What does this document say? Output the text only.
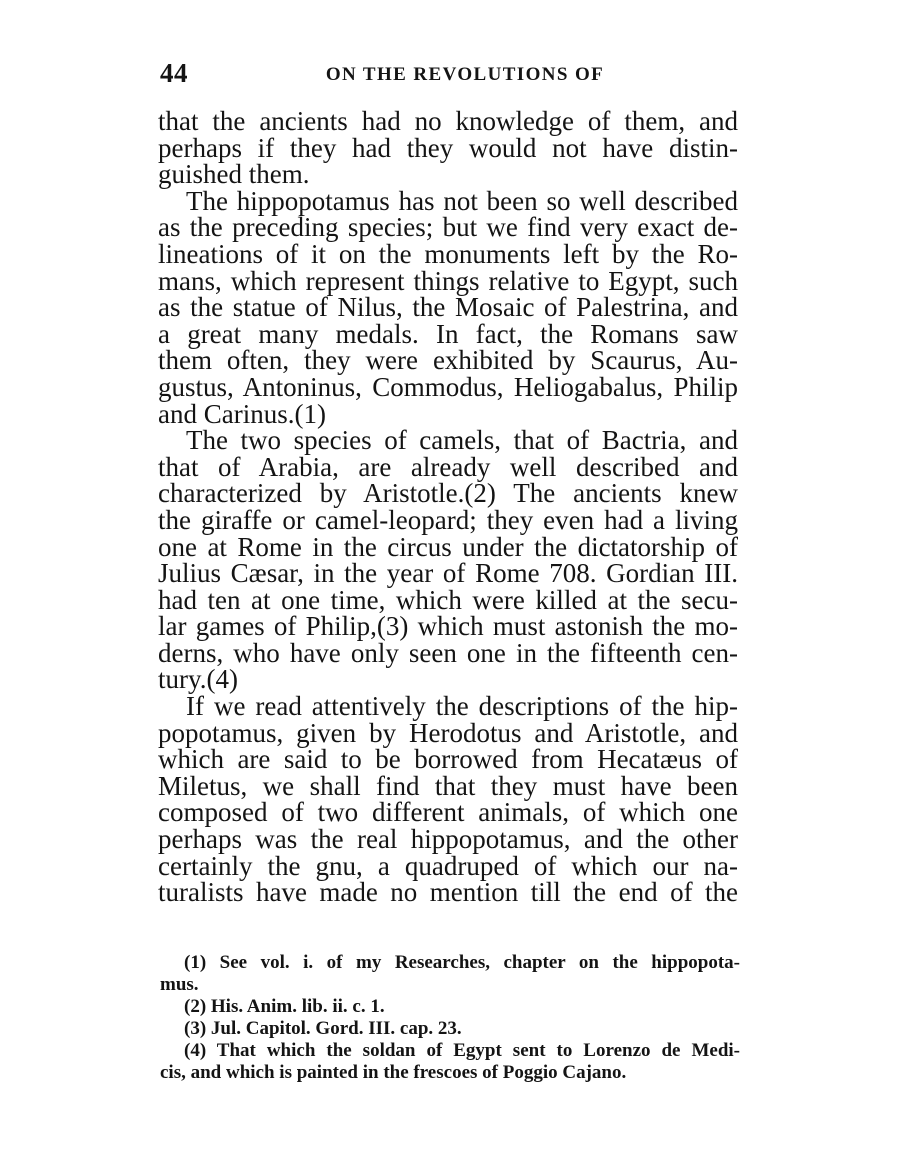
44	ON THE REVOLUTIONS OF
that the ancients had no knowledge of them, and
perhaps if they had they would not have distin-
guished them.
The hippopotamus has not been so well described
as the preceding species; but we find very exact de-
lineations of it on the monuments left by the Ro-
mans, which represent things relative to Egypt, such
as the statue of Nilus, the Mosaic of Palestrina, and
a great many medals. In fact, the Romans saw
them often, they were exhibited by Scaurus, Au-
gustus, Antoninus, Commodus, Heliogabalus, Philip
and Carinus.(1)
The two species of camels, that of Bactria, and
that of Arabia, are already well described and
characterized by Aristotle.(2) The ancients knew
the giraffe or camel-leopard; they even had a living
one at Rome in the circus under the dictatorship of
Julius Cæsar, in the year of Rome 708. Gordian III.
had ten at one time, which were killed at the secu-
lar games of Philip,(3) which must astonish the mo-
derns, who have only seen one in the fifteenth cen-
tury.(4)
If we read attentively the descriptions of the hip-
popotamus, given by Herodotus and Aristotle, and
which are said to be borrowed from Hecatæus of
Miletus, we shall find that they must have been
composed of two different animals, of which one
perhaps was the real hippopotamus, and the other
certainly the gnu, a quadruped of which our na-
turalists have made no mention till the end of the
(1) See vol. i. of my Researches, chapter on the hippopota-
mus.
(2) His. Anim. lib. ii. c. 1.
(3) Jul. Capitol. Gord. III. cap. 23.
(4) That which the soldan of Egypt sent to Lorenzo de Medi-
cis, and which is painted in the frescoes of Poggio Cajano.
